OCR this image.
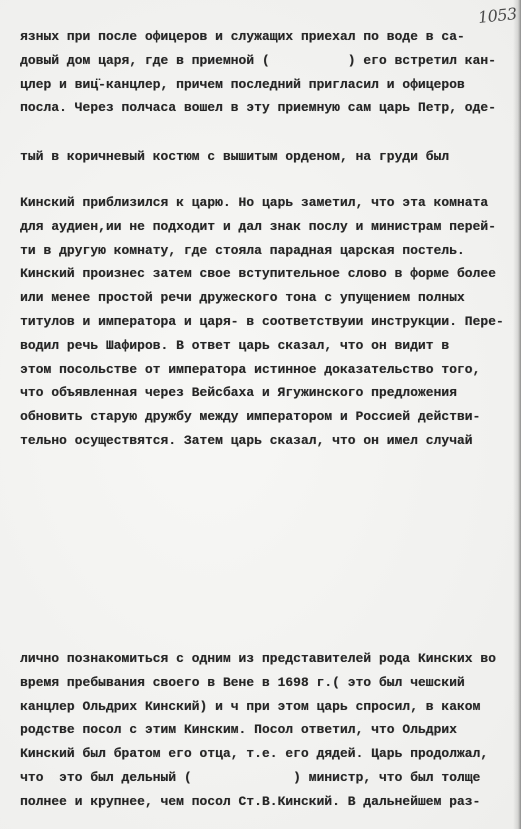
1053
язных при после офицеров и служащих приехал по воде в са-
довый дом царя, где в приемной (          ) его встретил кан-
цлер и виц̈-канцлер, причем последний пригласил и офицеров
посла. Через полчаса вошел в эту приемную сам царь Петр, оде-
тый в коричневый костюм с вышитым орденом, на груди был
Кинский приблизился к царю. Но царь заметил, что эта комната
для аудиен,ии не подходит и дал знак послу и министрам перей-
ти в другую комнату, где стояла парадная царская постель.
Кинский произнес затем свое вступительное слово в форме более
или менее простой речи дружеского тона с упущением полных
титулов и императора и царя- в соответствуии инструкции. Пере-
водил речь Шафиров. В ответ царь сказал, что он видит в
этом посольстве от императора истинное доказательство того,
что объявленная через Вейсбаха и Ягужинского предложения
обновить старую дружбу между императором и Россией действи-
тельно осуществятся. Затем царь сказал, что он имел случай
лично познакомиться с одним из представителей рода Кинских во
время пребывания своего в Вене в 1698 г.( это был чешский
канцлер Ольдрих Кинский) и ч при этом царь спросил, в каком
родстве посол с этим Кинским. Посол ответил, что Ольдрих
Кинский был братом его отца, т.е. его дядей. Царь продолжал,
что  это был дельный (             ) министр, что был толще
полнее и крупнее, чем посол Ст.В.Кинский. В дальнейшем раз-
